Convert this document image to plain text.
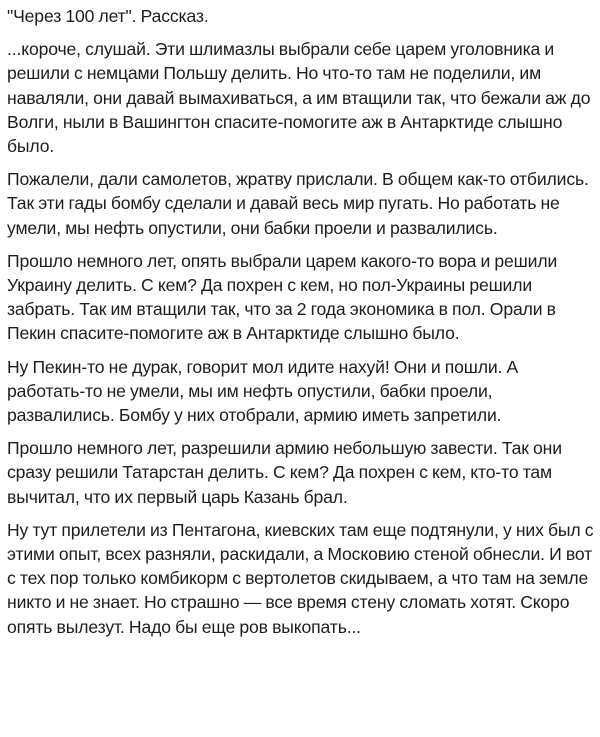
"Через 100 лет". Рассказ.
...короче, слушай. Эти шлимазлы выбрали себе царем уголовника и решили с немцами Польшу делить. Но что-то там не поделили, им наваляли, они давай вымахиваться, а им втащили так, что бежали аж до Волги, ныли в Вашингтон спасите-помогите аж в Антарктиде слышно было.
Пожалели, дали самолетов, жратву прислали. В общем как-то отбились. Так эти гады бомбу сделали и давай весь мир пугать. Но работать не умели, мы нефть опустили, они бабки проели и развалились.
Прошло немного лет, опять выбрали царем какого-то вора и решили Украину делить. С кем? Да похрен с кем, но пол-Украины решили забрать. Так им втащили так, что за 2 года экономика в пол. Орали в Пекин спасите-помогите аж в Антарктиде слышно было.
Ну Пекин-то не дурак, говорит мол идите нахуй! Они и пошли. А работать-то не умели, мы им нефть опустили, бабки проели, развалились. Бомбу у них отобрали, армию иметь запретили.
Прошло немного лет, разрешили армию небольшую завести. Так они сразу решили Татарстан делить. С кем? Да похрен с кем, кто-то там вычитал, что их первый царь Казань брал.
Ну тут прилетели из Пентагона, киевских там еще подтянули, у них был с этими опыт, всех разняли, раскидали, а Московию стеной обнесли. И вот с тех пор только комбикорм с вертолетов скидываем, а что там на земле никто и не знает. Но страшно — все время стену сломать хотят. Скоро опять вылезут. Надо бы еще ров выкопать...
